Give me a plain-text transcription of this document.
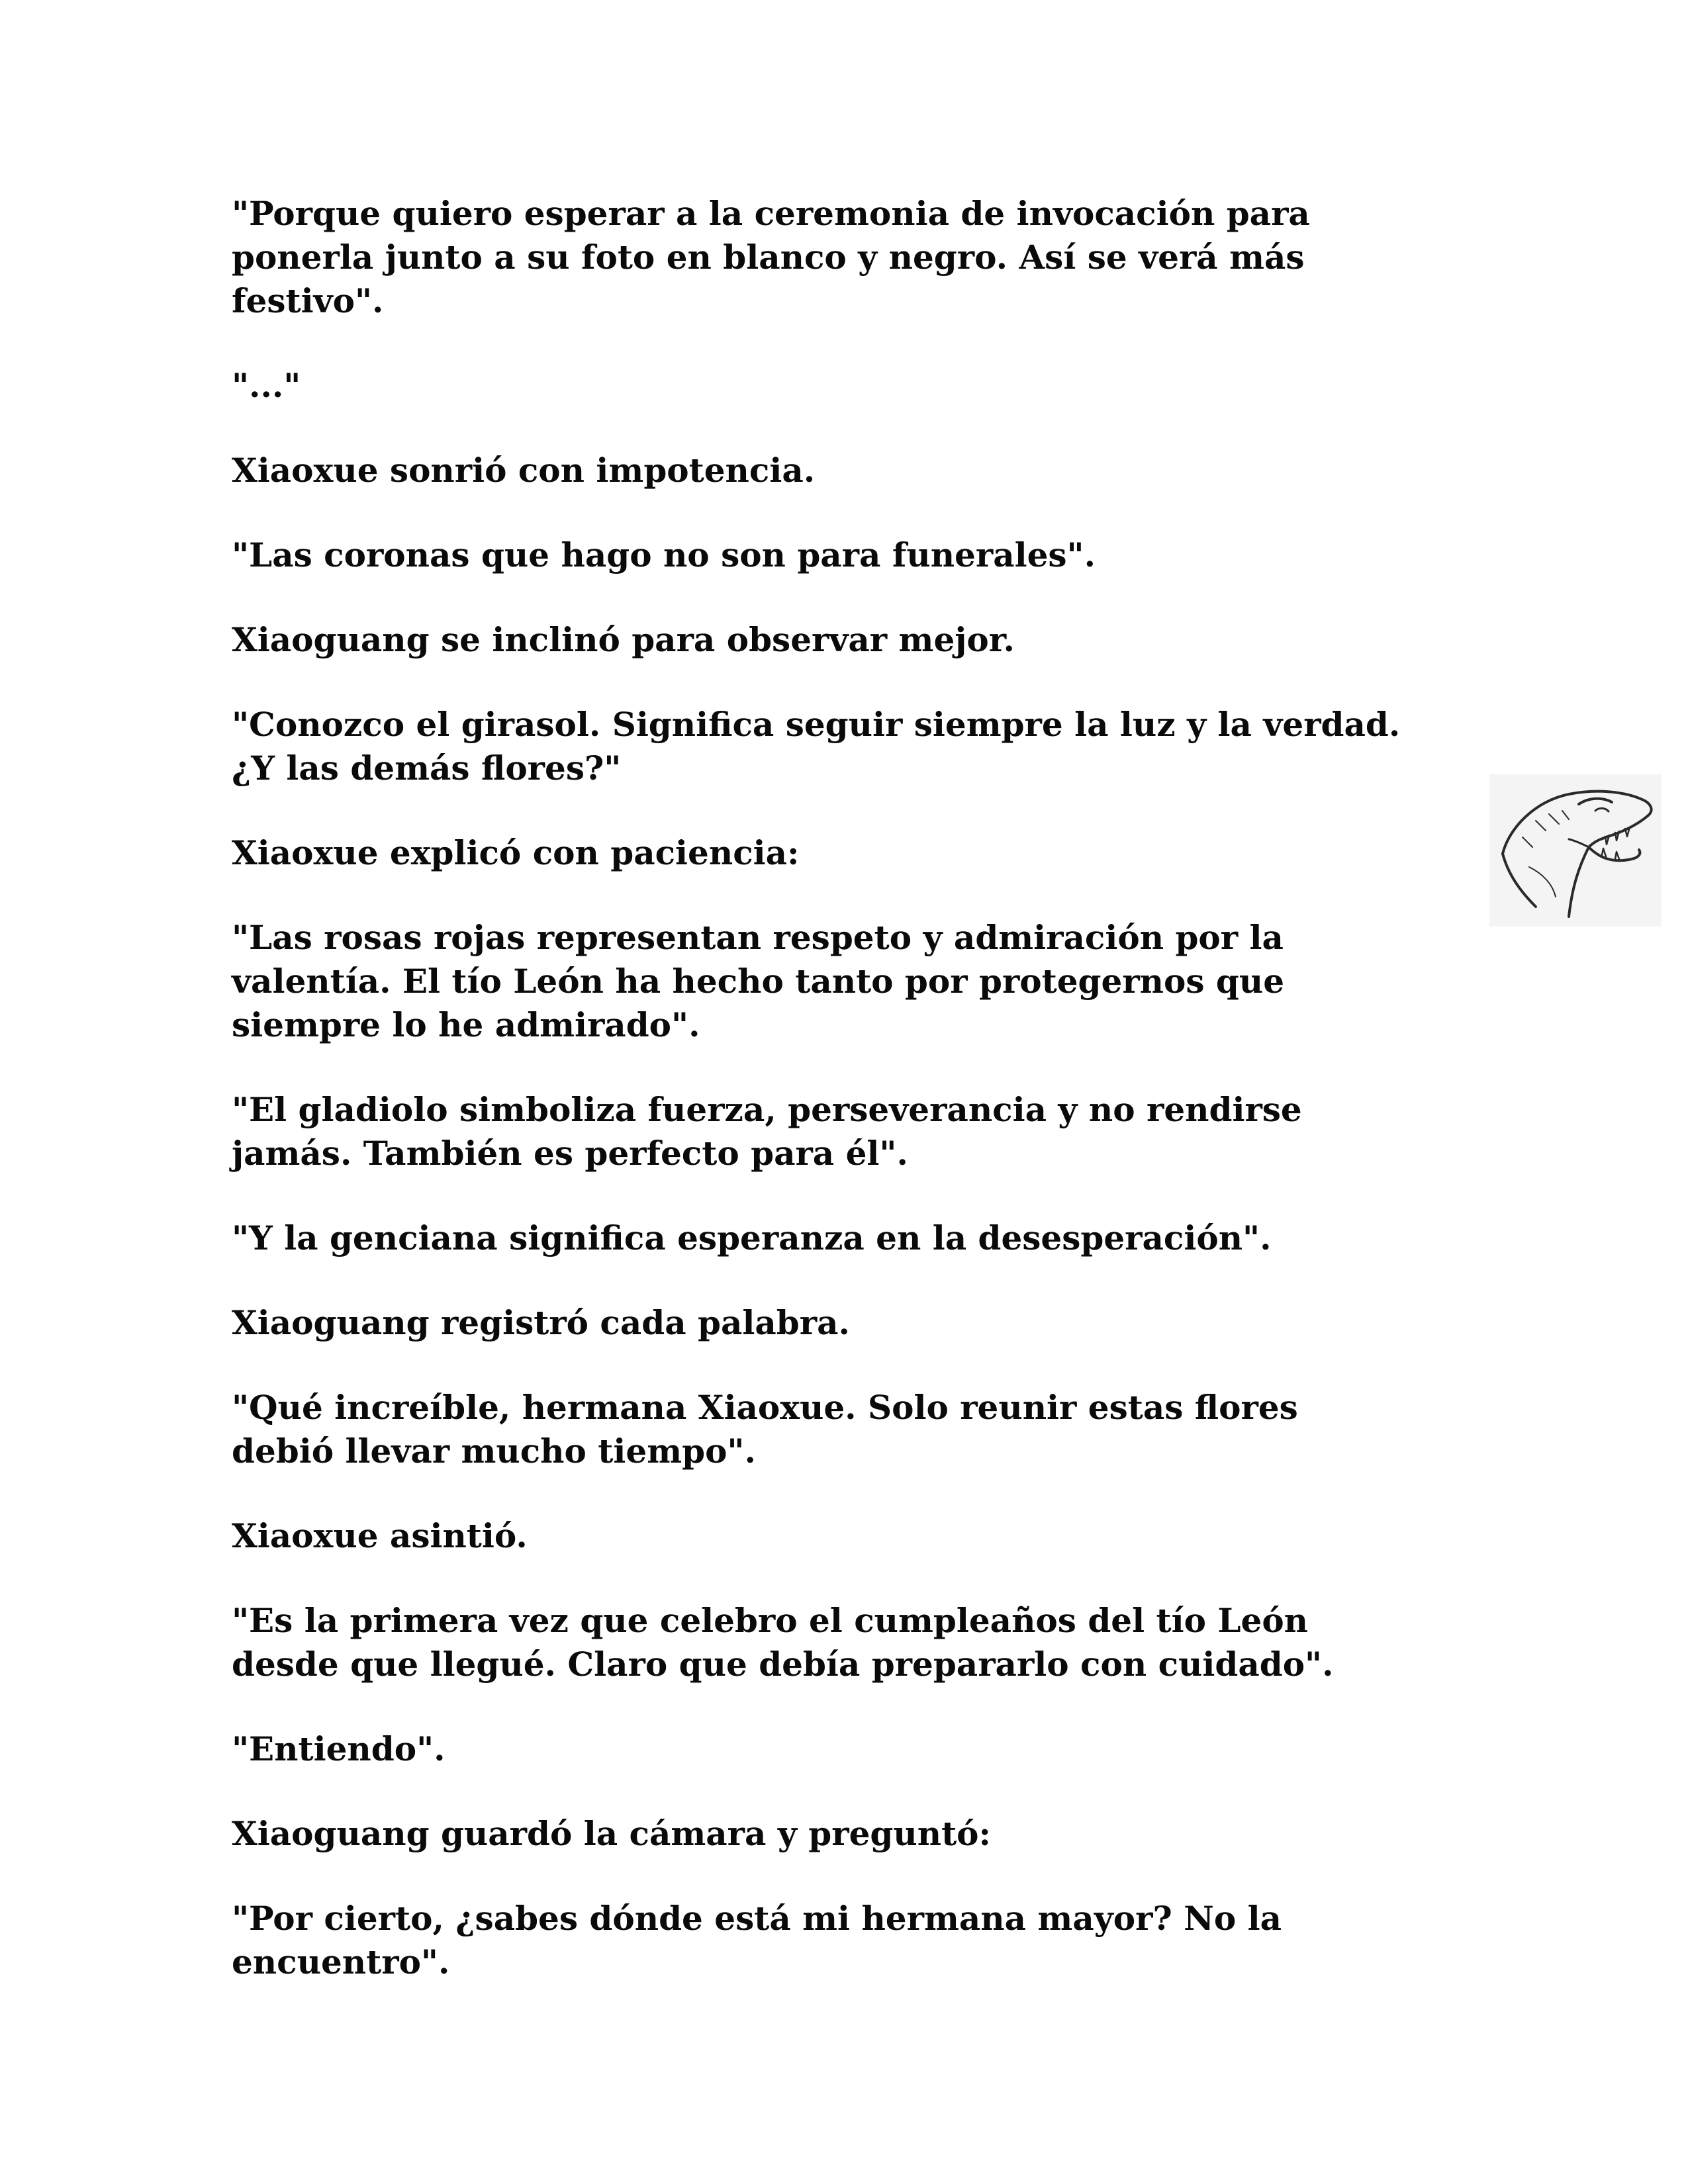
"Porque quiero esperar a la ceremonia de invocación para
ponerla junto a su foto en blanco y negro. Así se verá más
festivo".

"..."

Xiaoxue sonrió con impotencia.

"Las coronas que hago no son para funerales".

Xiaoguang se inclinó para observar mejor.

"Conozco el girasol. Significa seguir siempre la luz y la verdad.
¿Y las demás flores?"

Xiaoxue explicó con paciencia:

"Las rosas rojas representan respeto y admiración por la
valentía. El tío León ha hecho tanto por protegernos que
siempre lo he admirado".

"El gladiolo simboliza fuerza, perseverancia y no rendirse
jamás. También es perfecto para él".

"Y la genciana significa esperanza en la desesperación".

Xiaoguang registró cada palabra.

"Qué increíble, hermana Xiaoxue. Solo reunir estas flores
debió llevar mucho tiempo".

Xiaoxue asintió.

"Es la primera vez que celebro el cumpleaños del tío León
desde que llegué. Claro que debía prepararlo con cuidado".

"Entiendo".

Xiaoguang guardó la cámara y preguntó:

"Por cierto, ¿sabes dónde está mi hermana mayor? No la
encuentro".
